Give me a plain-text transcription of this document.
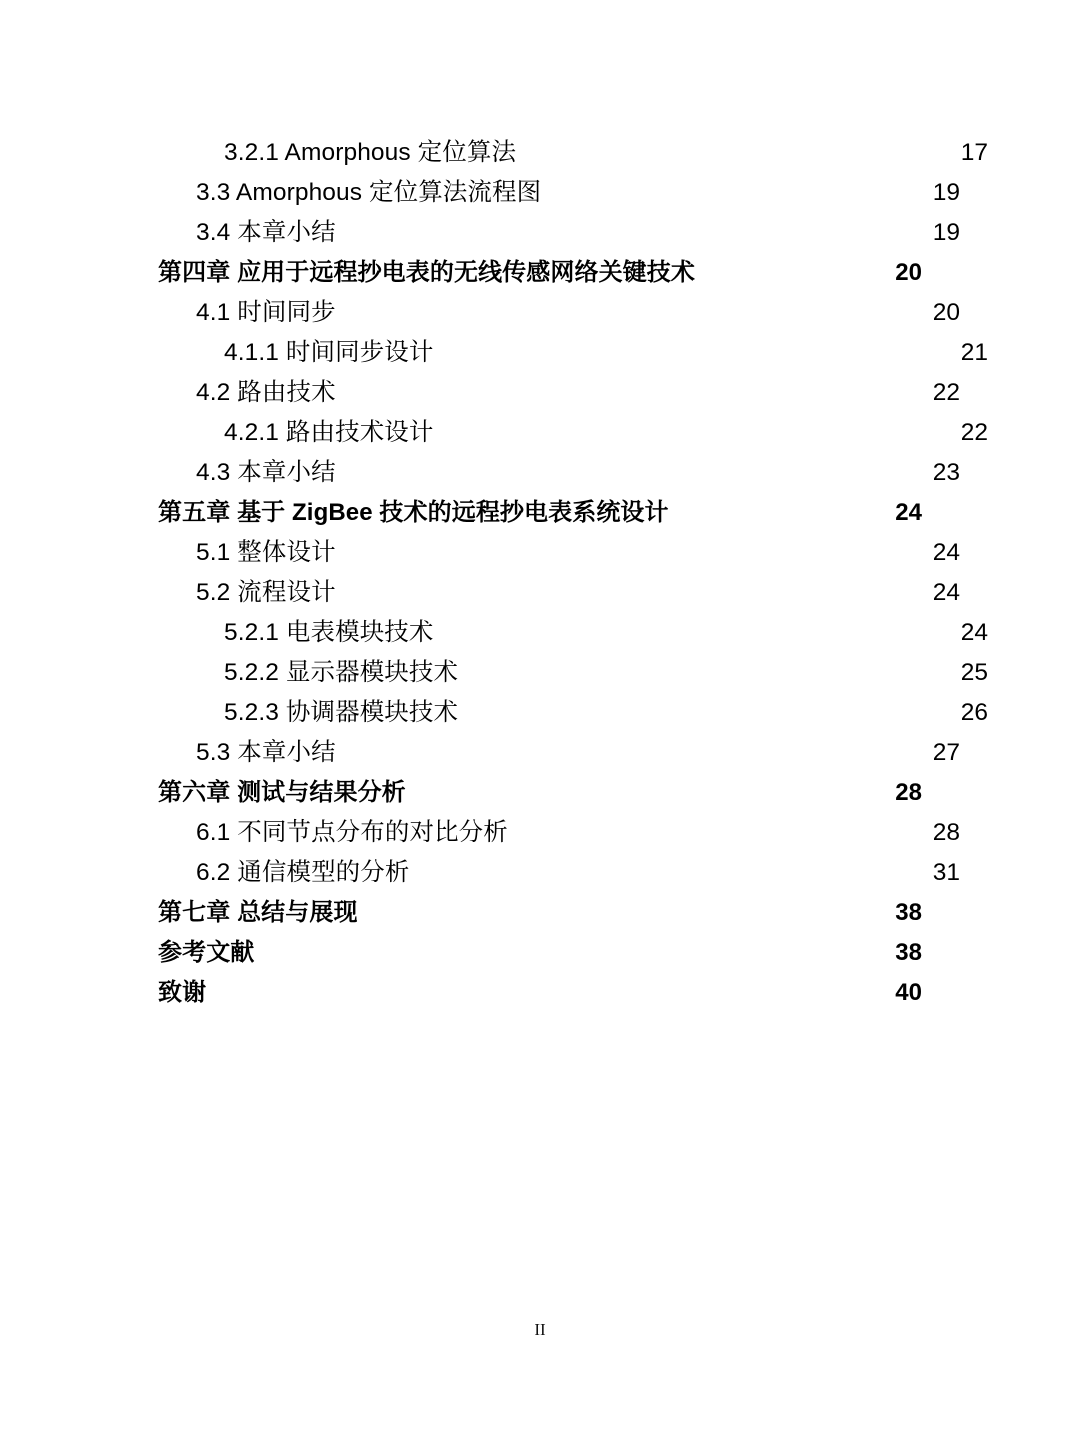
3.2.1 Amorphous 定位算法 .....	17
3.3 Amorphous 定位算法流程图 .....	19
3.4 本章小结 .....	19
第四章 应用于远程抄电表的无线传感网络关键技术 .....	20
4.1 时间同步 .....	20
4.1.1 时间同步设计 .....	21
4.2 路由技术 .....	22
4.2.1 路由技术设计 .....	22
4.3 本章小结 .....	23
第五章 基于 ZigBee 技术的远程抄电表系统设计 .....	24
5.1 整体设计 .....	24
5.2 流程设计 .....	24
5.2.1 电表模块技术 .....	24
5.2.2 显示器模块技术 .....	25
5.2.3 协调器模块技术 .....	26
5.3 本章小结 .....	27
第六章 测试与结果分析 .....	28
6.1 不同节点分布的对比分析 .....	28
6.2 通信模型的分析 .....	31
第七章 总结与展现 .....	38
参考文献 .....	38
致谢 .....	40
II
